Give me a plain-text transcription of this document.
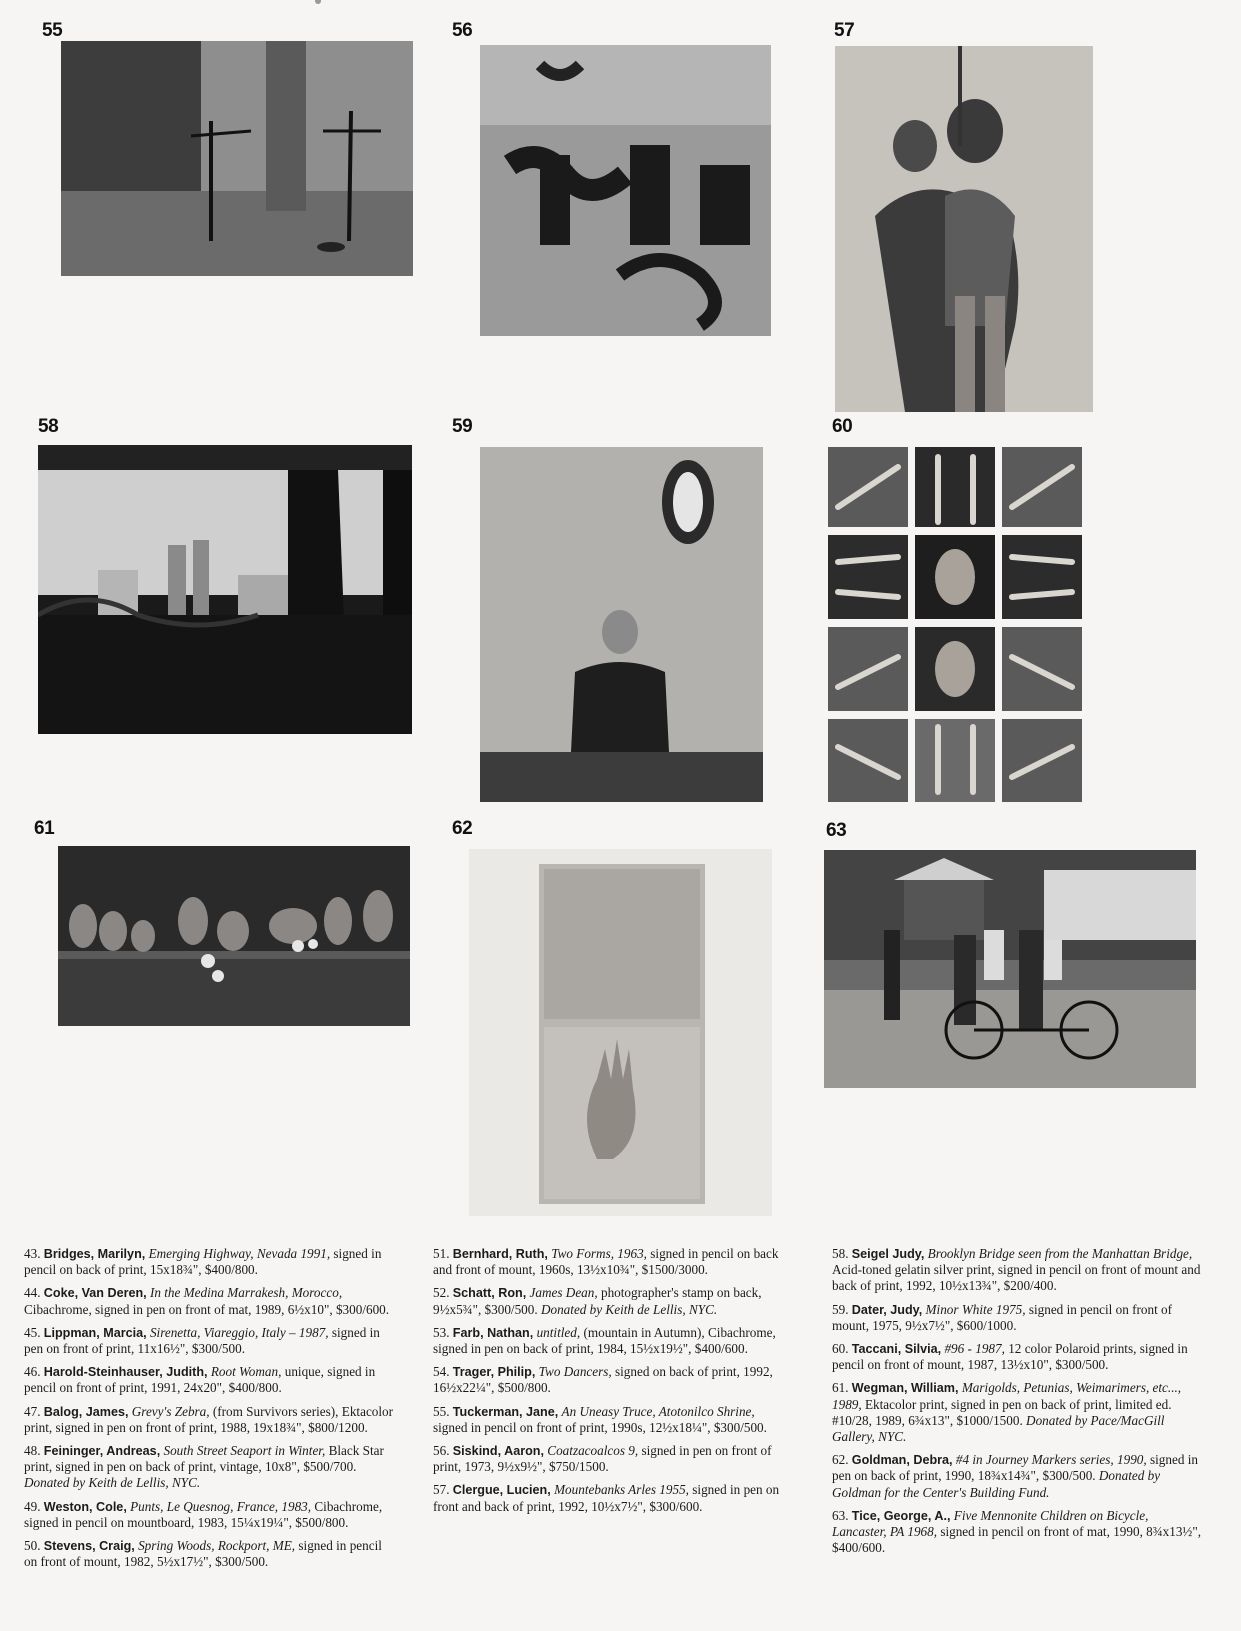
55	56	57
58	59	60
61	62	63
43. Bridges, Marilyn, Emerging Highway, Nevada 1991, signed in pencil on back of print, 15x18¾", $400/800.
44. Coke, Van Deren, In the Medina Marrakesh, Morocco, Cibachrome, signed in pen on front of mat, 1989, 6½x10", $300/600.
45. Lippman, Marcia, Sirenetta, Viareggio, Italy – 1987, signed in pen on front of print, 11x16½", $300/500.
46. Harold-Steinhauser, Judith, Root Woman, unique, signed in pencil on front of print, 1991, 24x20", $400/800.
47. Balog, James, Grevy's Zebra, (from Survivors series), Ektacolor print, signed in pen on front of print, 1988, 19x18¾", $800/1200.
48. Feininger, Andreas, South Street Seaport in Winter, Black Star print, signed in pen on back of print, vintage, 10x8", $500/700. Donated by Keith de Lellis, NYC.
49. Weston, Cole, Punts, Le Quesnog, France, 1983, Cibachrome, signed in pencil on mountboard, 1983, 15¼x19¼", $500/800.
50. Stevens, Craig, Spring Woods, Rockport, ME, signed in pencil on front of mount, 1982, 5½x17½", $300/500.
51. Bernhard, Ruth, Two Forms, 1963, signed in pencil on back and front of mount, 1960s, 13½x10¾", $1500/3000.
52. Schatt, Ron, James Dean, photographer's stamp on back, 9½x5¾", $300/500. Donated by Keith de Lellis, NYC.
53. Farb, Nathan, untitled, (mountain in Autumn), Cibachrome, signed in pen on back of print, 1984, 15½x19½", $400/600.
54. Trager, Philip, Two Dancers, signed on back of print, 1992, 16½x22¼", $500/800.
55. Tuckerman, Jane, An Uneasy Truce, Atotonilco Shrine, signed in pencil on front of print, 1990s, 12½x18¼", $300/500.
56. Siskind, Aaron, Coatzacoalcos 9, signed in pen on front of print, 1973, 9½x9½", $750/1500.
57. Clergue, Lucien, Mountebanks Arles 1955, signed in pen on front and back of print, 1992, 10½x7½", $300/600.
58. Seigel Judy, Brooklyn Bridge seen from the Manhattan Bridge, Acid-toned gelatin silver print, signed in pencil on front of mount and back of print, 1992, 10½x13¾", $200/400.
59. Dater, Judy, Minor White 1975, signed in pencil on front of mount, 1975, 9½x7½", $600/1000.
60. Taccani, Silvia, #96 - 1987, 12 color Polaroid prints, signed in pencil on front of mount, 1987, 13½x10", $300/500.
61. Wegman, William, Marigolds, Petunias, Weimarimers, etc..., 1989, Ektacolor print, signed in pen on back of print, limited ed. #10/28, 1989, 6¾x13", $1000/1500. Donated by Pace/MacGill Gallery, NYC.
62. Goldman, Debra, #4 in Journey Markers series, 1990, signed in pen on back of print, 1990, 18¾x14¾", $300/500. Donated by Goldman for the Center's Building Fund.
63. Tice, George, A., Five Mennonite Children on Bicycle, Lancaster, PA 1968, signed in pencil on front of mat, 1990, 8¾x13½", $400/600.
